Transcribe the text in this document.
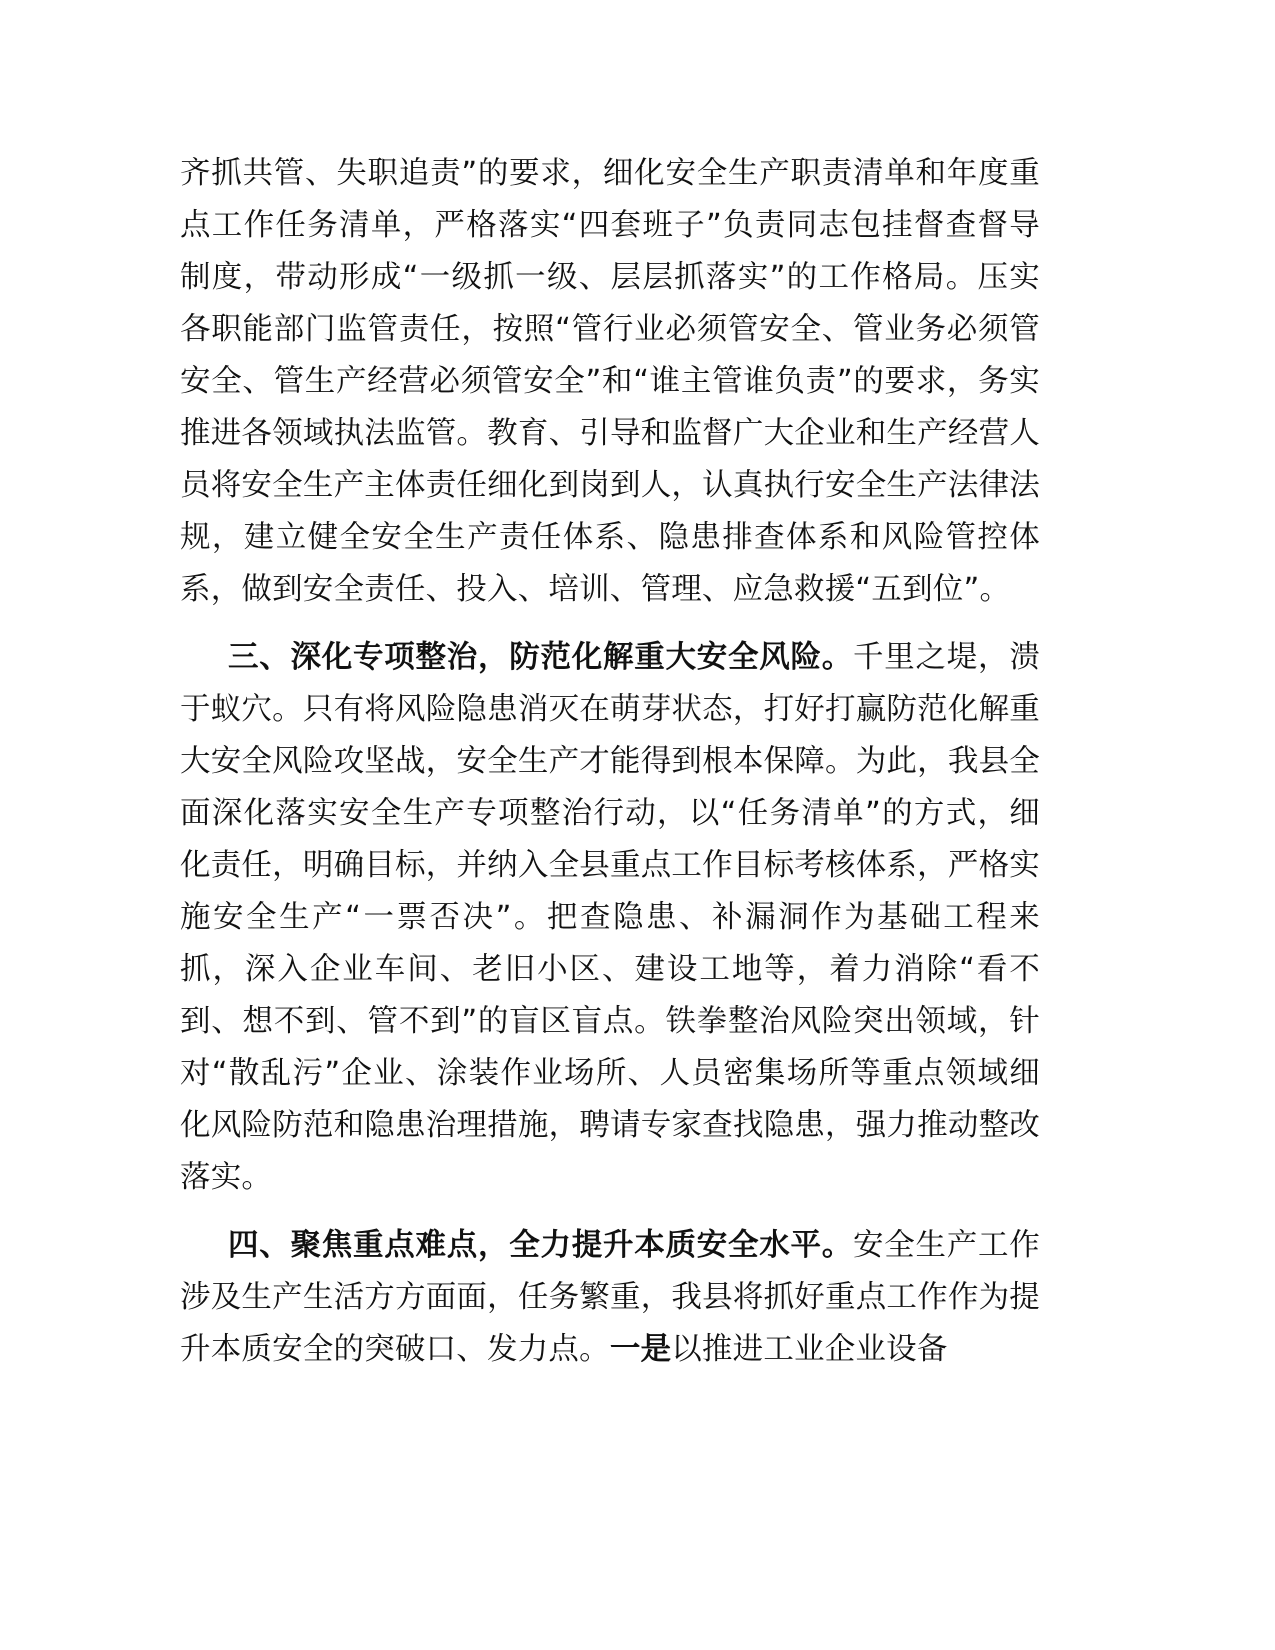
齐抓共管、失职追责”的要求，细化安全生产职责清单和年度重点工作任务清单，严格落实“四套班子”负责同志包挂督查督导制度，带动形成“一级抓一级、层层抓落实”的工作格局。压实各职能部门监管责任，按照“管行业必须管安全、管业务必须管安全、管生产经营必须管安全”和“谁主管谁负责”的要求，务实推进各领域执法监管。教育、引导和监督广大企业和生产经营人员将安全生产主体责任细化到岗到人，认真执行安全生产法律法规，建立健全安全生产责任体系、隐患排查体系和风险管控体系，做到安全责任、投入、培训、管理、应急救援“五到位”。

三、深化专项整治，防范化解重大安全风险。千里之堤，溃于蚁穴。只有将风险隐患消灭在萌芽状态，打好打赢防范化解重大安全风险攻坚战，安全生产才能得到根本保障。为此，我县全面深化落实安全生产专项整治行动，以“任务清单”的方式，细化责任，明确目标，并纳入全县重点工作目标考核体系，严格实施安全生产“一票否决”。把查隐患、补漏洞作为基础工程来抓，深入企业车间、老旧小区、建设工地等，着力消除“看不到、想不到、管不到”的盲区盲点。铁拳整治风险突出领域，针对“散乱污”企业、涂装作业场所、人员密集场所等重点领域细化风险防范和隐患治理措施，聘请专家查找隐患，强力推动整改落实。

四、聚焦重点难点，全力提升本质安全水平。安全生产工作涉及生产生活方方面面，任务繁重，我县将抓好重点工作作为提升本质安全的突破口、发力点。一是以推进工业企业设备
